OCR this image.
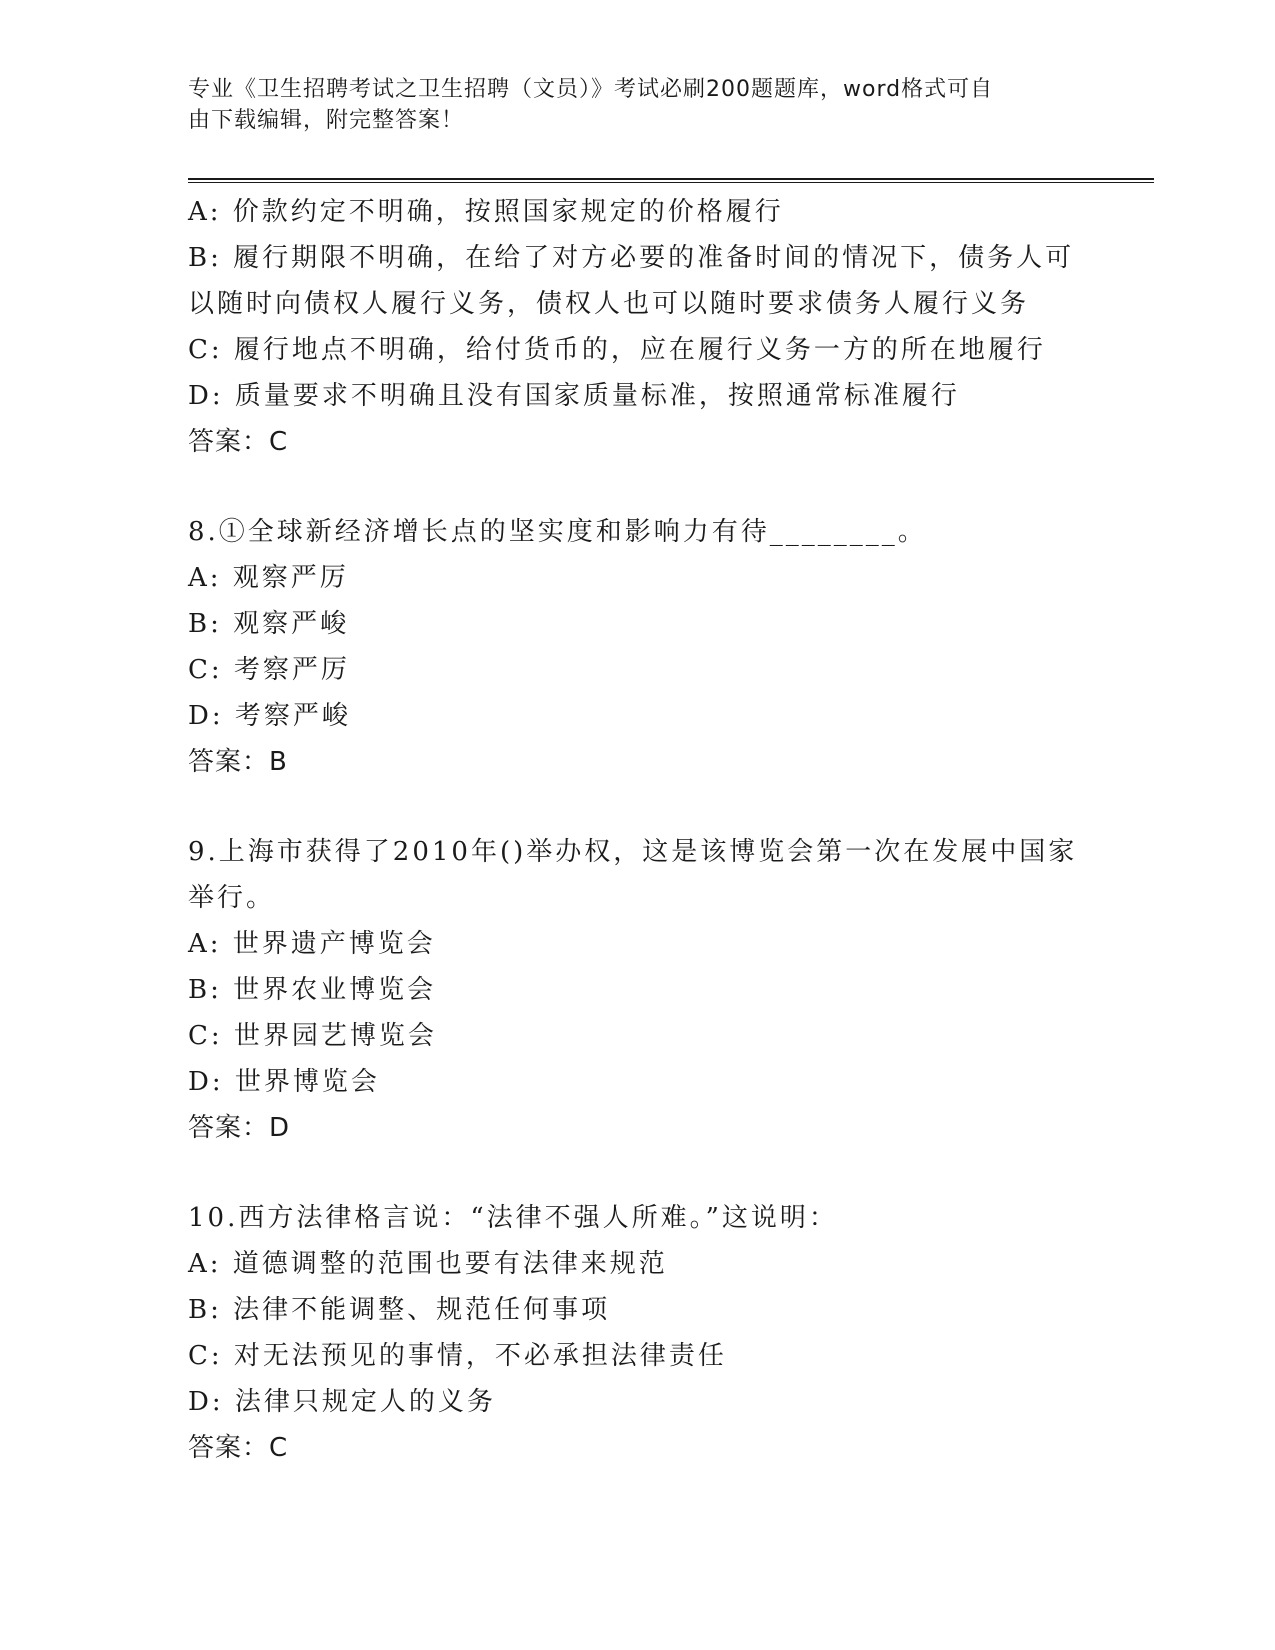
专业《卫生招聘考试之卫生招聘（文员）》考试必刷200题题库，word格式可自
由下载编辑，附完整答案！
A: 价款约定不明确，按照国家规定的价格履行
B: 履行期限不明确，在给了对方必要的准备时间的情况下，债务人可
以随时向债权人履行义务，债权人也可以随时要求债务人履行义务
C: 履行地点不明确，给付货币的，应在履行义务一方的所在地履行
D: 质量要求不明确且没有国家质量标准，按照通常标准履行
答案：C
8.①全球新经济增长点的坚实度和影响力有待________。
A: 观察严厉
B: 观察严峻
C: 考察严厉
D: 考察严峻
答案：B
9.上海市获得了2010年()举办权，这是该博览会第一次在发展中国家
举行。
A: 世界遗产博览会
B: 世界农业博览会
C: 世界园艺博览会
D: 世界博览会
答案：D
10.西方法律格言说：“法律不强人所难。”这说明：
A: 道德调整的范围也要有法律来规范
B: 法律不能调整、规范任何事项
C: 对无法预见的事情，不必承担法律责任
D: 法律只规定人的义务
答案：C
